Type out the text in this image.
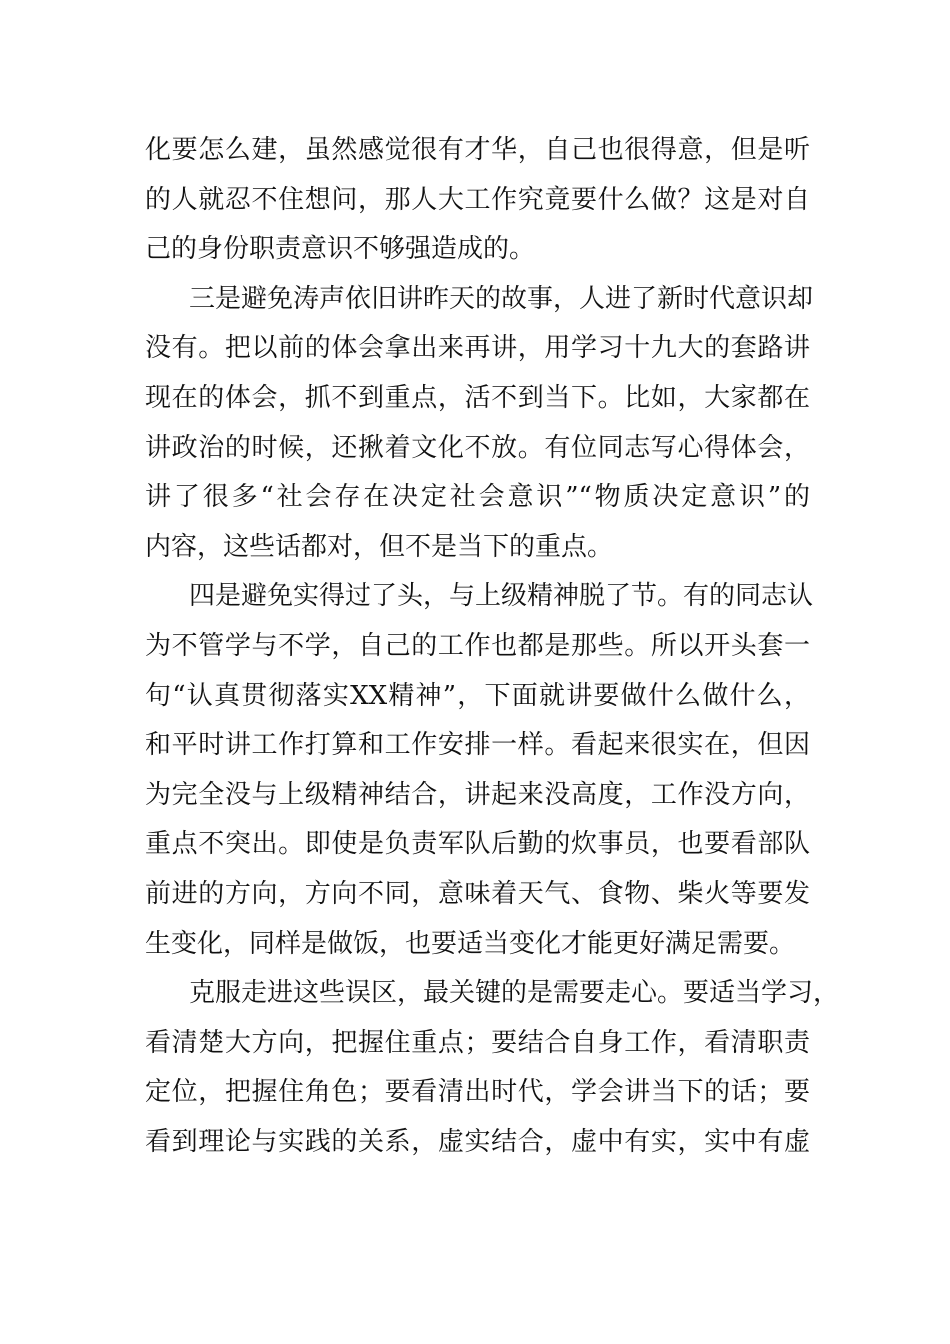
化要怎么建，虽然感觉很有才华，自己也很得意，但是听
的人就忍不住想问，那人大工作究竟要什么做？这是对自
己的身份职责意识不够强造成的。
三是避免涛声依旧讲昨天的故事，人进了新时代意识却
没有。把以前的体会拿出来再讲，用学习十九大的套路讲
现在的体会，抓不到重点，活不到当下。比如，大家都在
讲政治的时候，还揪着文化不放。有位同志写心得体会，
讲了很多“社会存在决定社会意识”“物质决定意识”的
内容，这些话都对，但不是当下的重点。
四是避免实得过了头，与上级精神脱了节。有的同志认
为不管学与不学，自己的工作也都是那些。所以开头套一
句“认真贯彻落实XX精神”，下面就讲要做什么做什么，
和平时讲工作打算和工作安排一样。看起来很实在，但因
为完全没与上级精神结合，讲起来没高度，工作没方向，
重点不突出。即使是负责军队后勤的炊事员，也要看部队
前进的方向，方向不同，意味着天气、食物、柴火等要发
生变化，同样是做饭，也要适当变化才能更好满足需要。
克服走进这些误区，最关键的是需要走心。要适当学习，
看清楚大方向，把握住重点；要结合自身工作，看清职责
定位，把握住角色；要看清出时代，学会讲当下的话；要
看到理论与实践的关系，虚实结合，虚中有实，实中有虚
